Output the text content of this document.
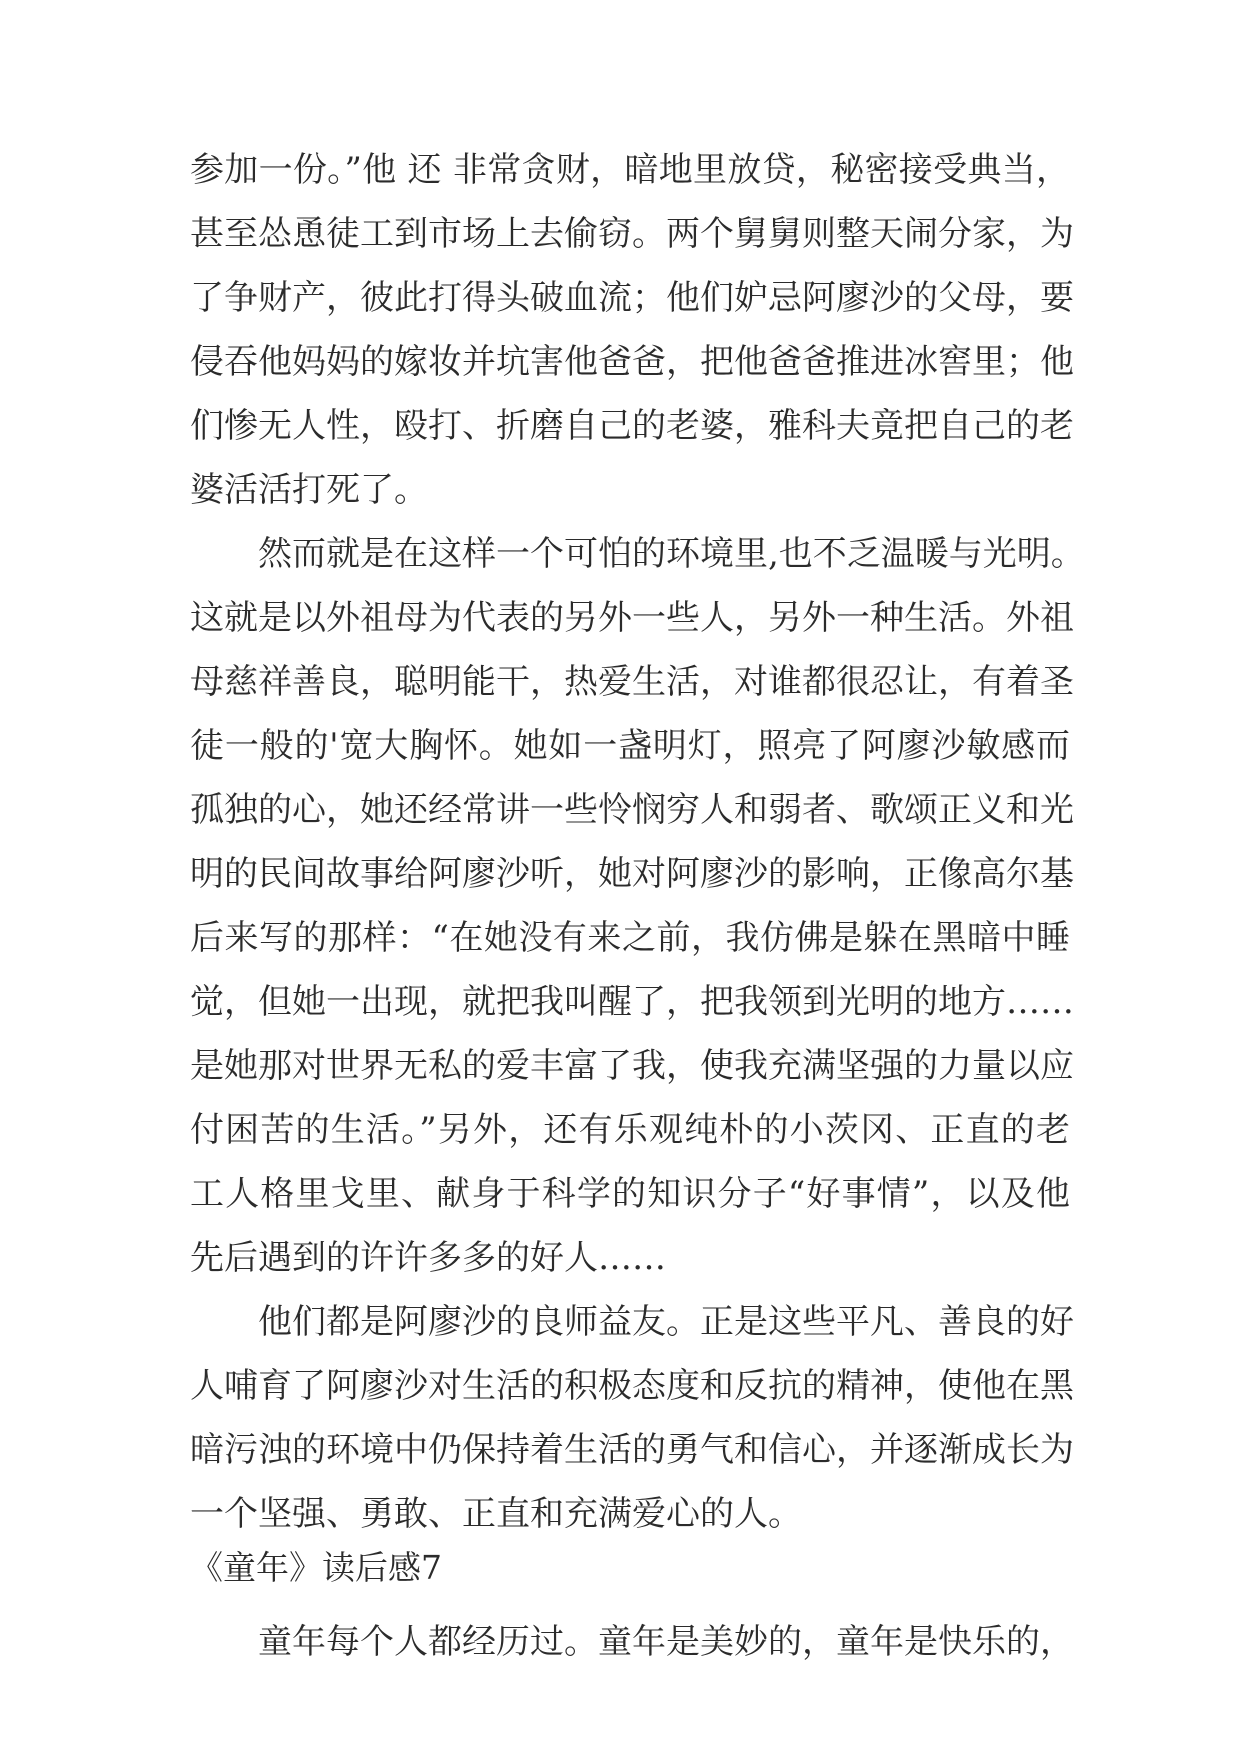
参加一份。”他 还 非常贪财，暗地里放贷，秘密接受典当，

甚至怂恿徒工到市场上去偷窃。两个舅舅则整天闹分家，为

了争财产，彼此打得头破血流；他们妒忌阿廖沙的父母，要

侵吞他妈妈的嫁妆并坑害他爸爸，把他爸爸推进冰窖里；他

们惨无人性，殴打、折磨自己的老婆，雅科夫竟把自己的老

婆活活打死了。

然而就是在这样一个可怕的环境里,也不乏温暖与光明。

这就是以外祖母为代表的另外一些人，另外一种生活。外祖

母慈祥善良，聪明能干，热爱生活，对谁都很忍让，有着圣

徒一般的'宽大胸怀。她如一盏明灯，照亮了阿廖沙敏感而

孤独的心，她还经常讲一些怜悯穷人和弱者、歌颂正义和光

明的民间故事给阿廖沙听，她对阿廖沙的影响，正像高尔基

后来写的那样：“在她没有来之前，我仿佛是躲在黑暗中睡

觉，但她一出现，就把我叫醒了，把我领到光明的地方……

是她那对世界无私的爱丰富了我，使我充满坚强的力量以应

付困苦的生活。”另外，还有乐观纯朴的小茨冈、正直的老

工人格里戈里、献身于科学的知识分子“好事情”，以及他

先后遇到的许许多多的好人……

他们都是阿廖沙的良师益友。正是这些平凡、善良的好

人哺育了阿廖沙对生活的积极态度和反抗的精神，使他在黑

暗污浊的环境中仍保持着生活的勇气和信心，并逐渐成长为

一个坚强、勇敢、正直和充满爱心的人。

《童年》读后感7

童年每个人都经历过。童年是美妙的，童年是快乐的，
